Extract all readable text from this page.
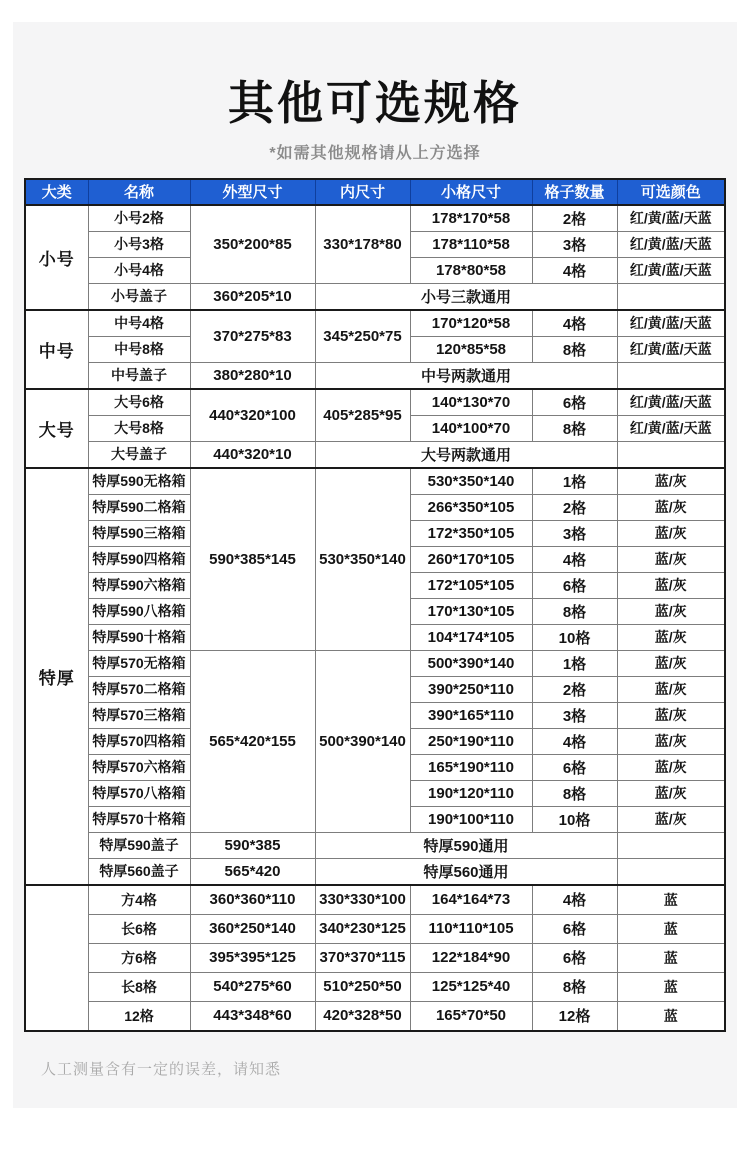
其他可选规格
*如需其他规格请从上方选择
大类	名称	外型尺寸	内尺寸	小格尺寸	格子数量	可选颜色
小号	小号2格	350*200*85	330*178*80	178*170*58	2格	红/黄/蓝/天蓝
	小号3格			178*110*58	3格	红/黄/蓝/天蓝
	小号4格			178*80*58	4格	红/黄/蓝/天蓝
	小号盖子	360*205*10	小号三款通用			
中号	中号4格	370*275*83	345*250*75	170*120*58	4格	红/黄/蓝/天蓝
	中号8格			120*85*58	8格	红/黄/蓝/天蓝
	中号盖子	380*280*10	中号两款通用			
大号	大号6格	440*320*100	405*285*95	140*130*70	6格	红/黄/蓝/天蓝
	大号8格			140*100*70	8格	红/黄/蓝/天蓝
	大号盖子	440*320*10	大号两款通用			
特厚	特厚590无格箱	590*385*145	530*350*140	530*350*140	1格	蓝/灰
	特厚590二格箱			266*350*105	2格	蓝/灰
	特厚590三格箱			172*350*105	3格	蓝/灰
	特厚590四格箱			260*170*105	4格	蓝/灰
	特厚590六格箱			172*105*105	6格	蓝/灰
	特厚590八格箱			170*130*105	8格	蓝/灰
	特厚590十格箱			104*174*105	10格	蓝/灰
	特厚570无格箱	565*420*155	500*390*140	500*390*140	1格	蓝/灰
	特厚570二格箱			390*250*110	2格	蓝/灰
	特厚570三格箱			390*165*110	3格	蓝/灰
	特厚570四格箱			250*190*110	4格	蓝/灰
	特厚570六格箱			165*190*110	6格	蓝/灰
	特厚570八格箱			190*120*110	8格	蓝/灰
	特厚570十格箱			190*100*110	10格	蓝/灰
	特厚590盖子	590*385	特厚590通用			
	特厚560盖子	565*420	特厚560通用			
	方4格	360*360*110	330*330*100	164*164*73	4格	蓝
	长6格	360*250*140	340*230*125	110*110*105	6格	蓝
	方6格	395*395*125	370*370*115	122*184*90	6格	蓝
	长8格	540*275*60	510*250*50	125*125*40	8格	蓝
	12格	443*348*60	420*328*50	165*70*50	12格	蓝
人工测量含有一定的误差，请知悉
